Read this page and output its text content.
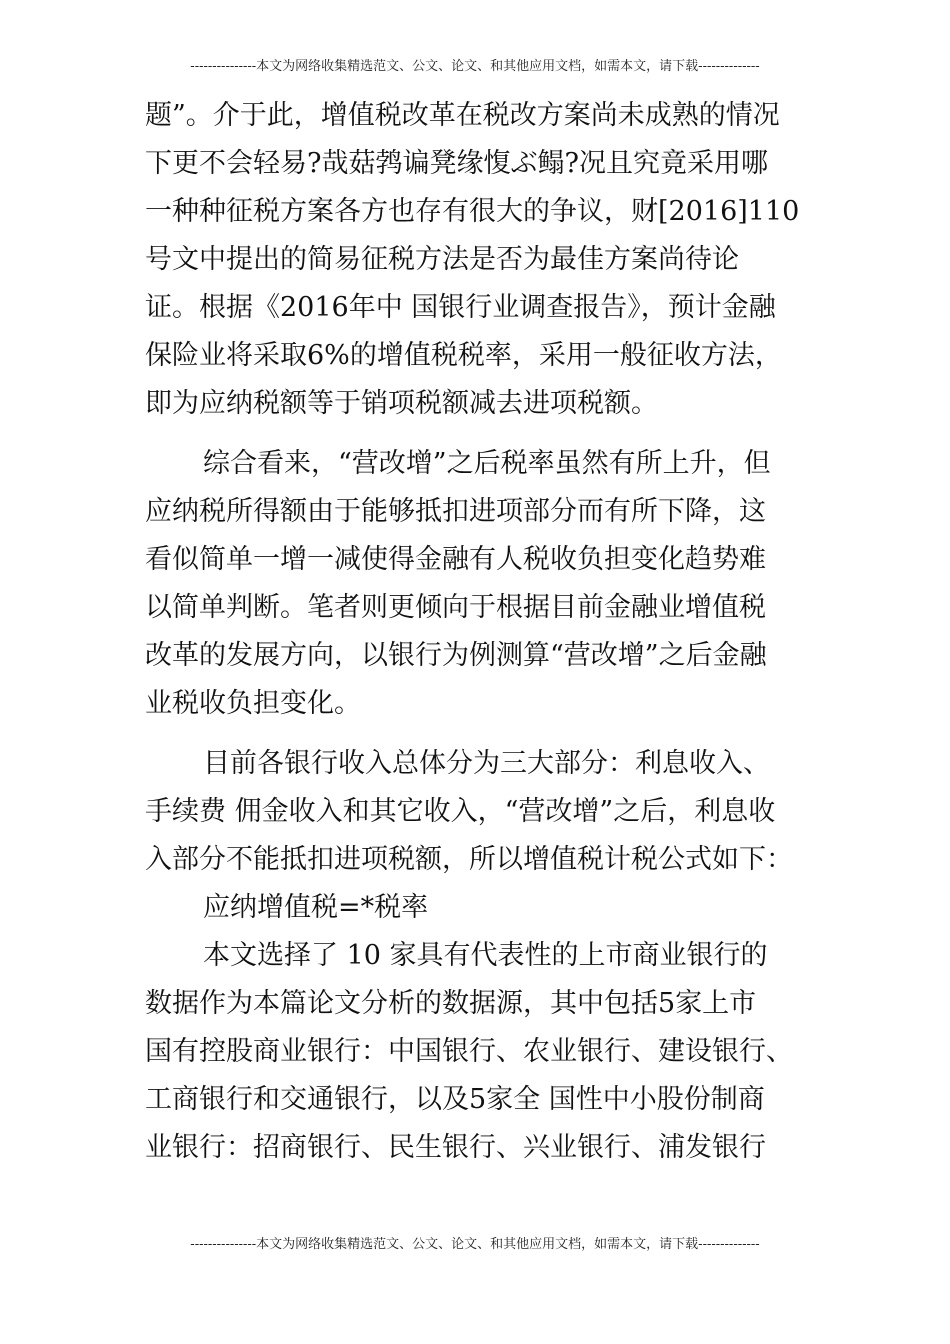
---------------本文为网络收集精选范文、公文、论文、和其他应用文档，如需本文，请下载--------------
题”。介于此，增值税改革在税改方案尚未成熟的情况
下更不会轻易?哉菇鹁谝凳缘愎ぶ鳎?况且究竟采用哪
一种种征税方案各方也存有很大的争议，财[2016]110
号文中提出的简易征税方法是否为最佳方案尚待论
证。根据《2016年中 国银行业调查报告》，预计金融
保险业将采取6%的增值税税率，采用一般征收方法，
即为应纳税额等于销项税额减去进项税额。
综合看来，“营改增”之后税率虽然有所上升，但
应纳税所得额由于能够抵扣进项部分而有所下降，这
看似简单一增一减使得金融有人税收负担变化趋势难
以简单判断。笔者则更倾向于根据目前金融业增值税
改革的发展方向，以银行为例测算“营改增”之后金融
业税收负担变化。
目前各银行收入总体分为三大部分：利息收入、
手续费 佣金收入和其它收入，“营改增”之后，利息收
入部分不能抵扣进项税额，所以增值税计税公式如下：
应纳增值税=*税率
本文选择了 10 家具有代表性的上市商业银行的
数据作为本篇论文分析的数据源，其中包括5家上市
国有控股商业银行：中国银行、农业银行、建设银行、
工商银行和交通银行，以及5家全 国性中小股份制商
业银行：招商银行、民生银行、兴业银行、浦发银行
---------------本文为网络收集精选范文、公文、论文、和其他应用文档，如需本文，请下载--------------
